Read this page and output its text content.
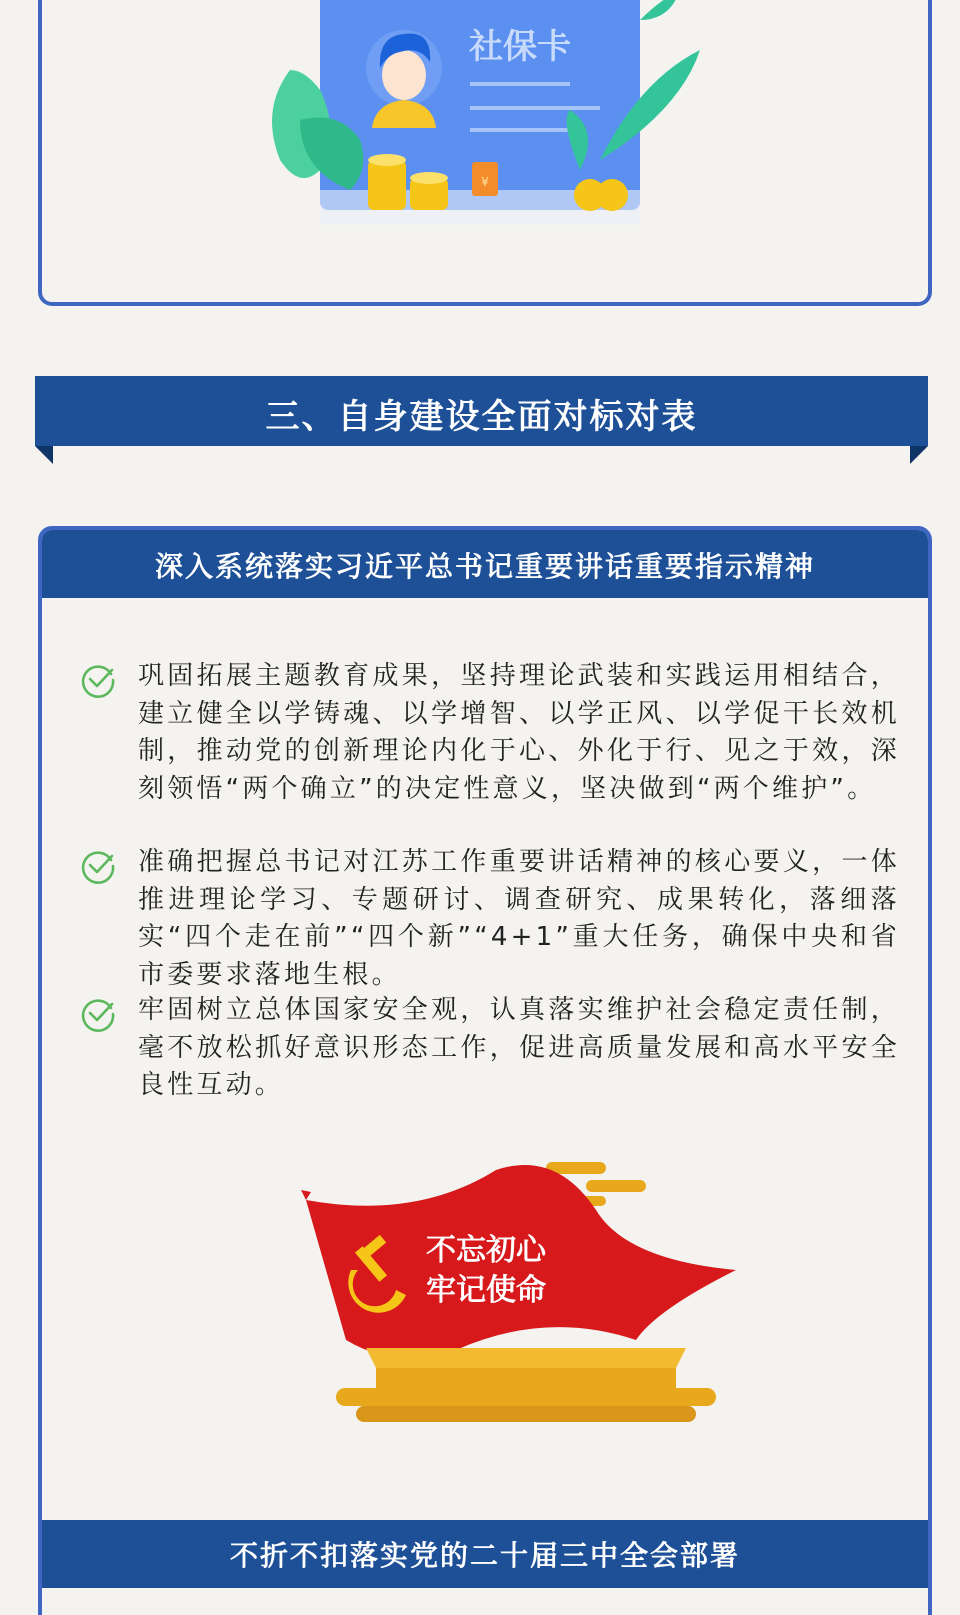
社保卡
¥
三、自身建设全面对标对表
深入系统落实习近平总书记重要讲话重要指示精神
巩固拓展主题教育成果，坚持理论武装和实践运用相结合，建立健全以学铸魂、以学增智、以学正风、以学促干长效机制，推动党的创新理论内化于心、外化于行、见之于效，深刻领悟“两个确立”的决定性意义，坚决做到“两个维护”。
准确把握总书记对江苏工作重要讲话精神的核心要义，一体推进理论学习、专题研讨、调查研究、成果转化，落细落实“四个走在前”“四个新”“4+1”重大任务，确保中央和省市委要求落地生根。
牢固树立总体国家安全观，认真落实维护社会稳定责任制，毫不放松抓好意识形态工作，促进高质量发展和高水平安全良性互动。
不忘初心
牢记使命
不折不扣落实党的二十届三中全会部署
